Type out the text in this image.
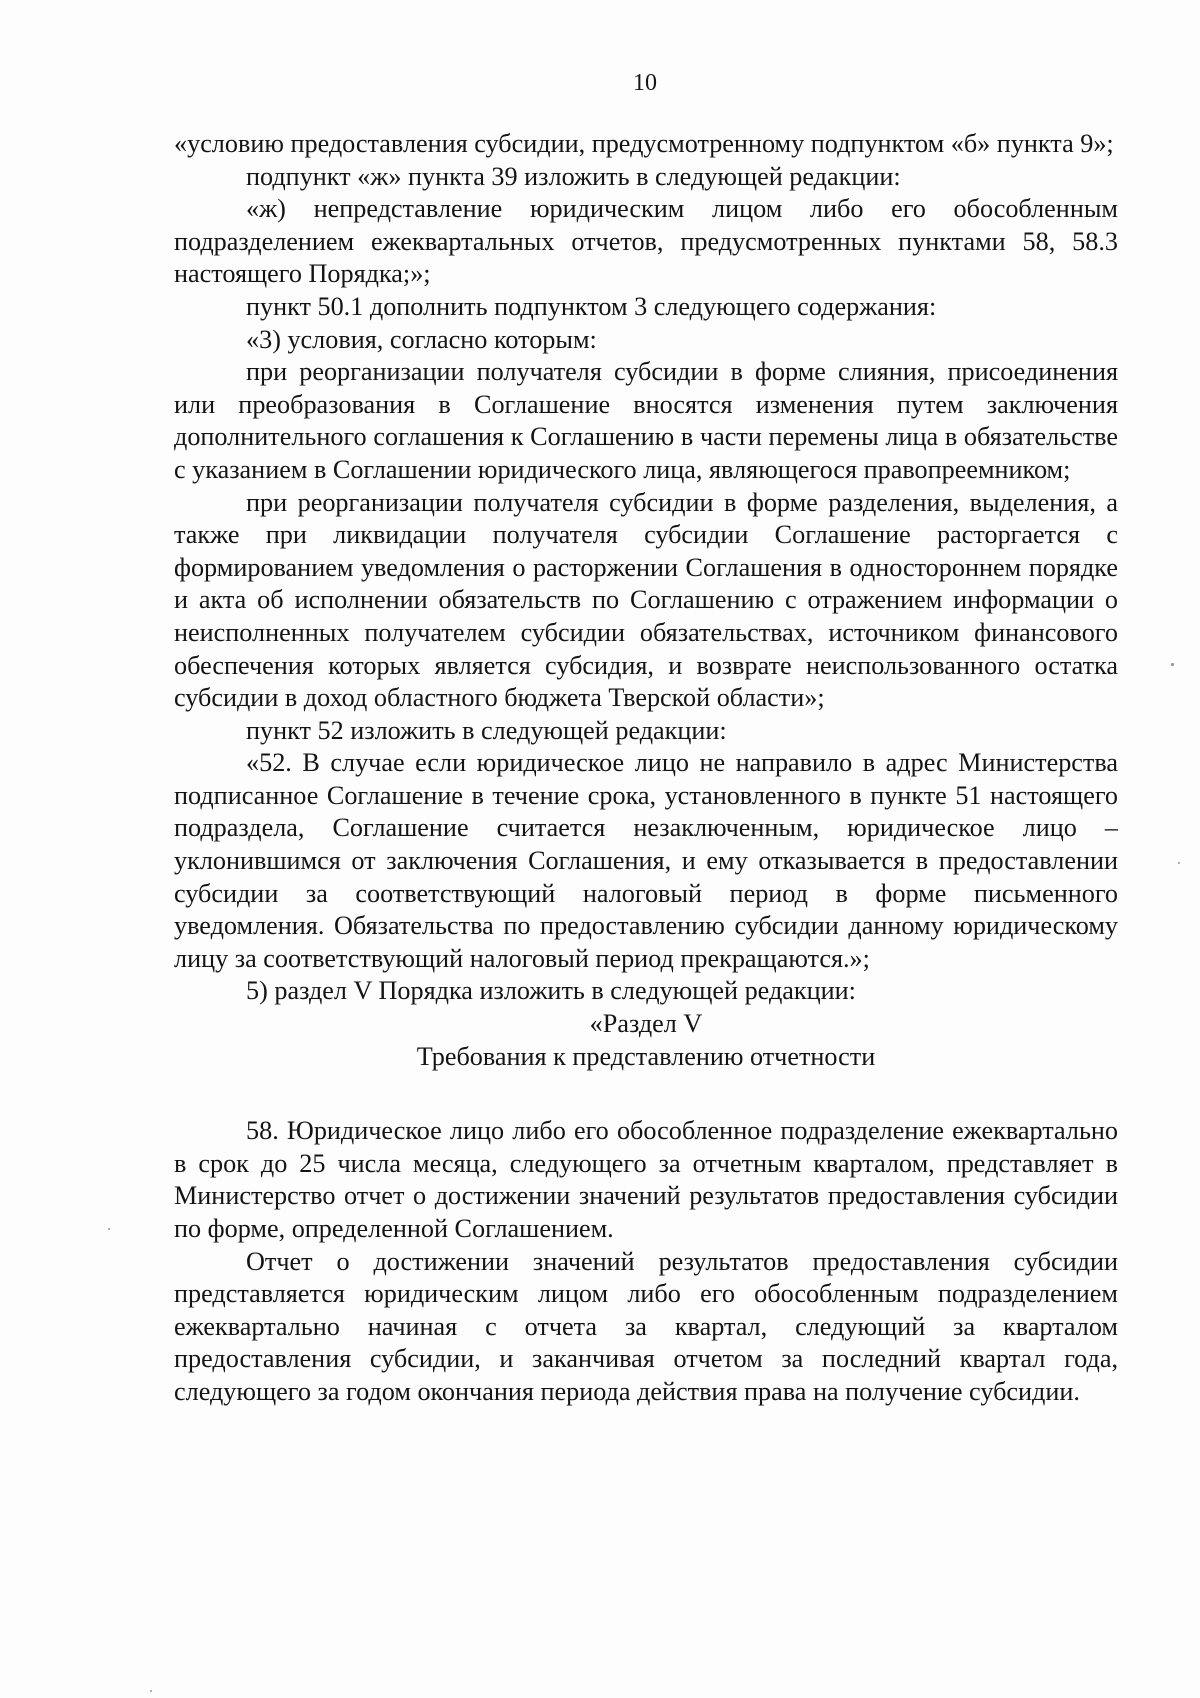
10

«условию предоставления субсидии, предусмотренному подпунктом «б» пункта 9»;

подпункт «ж» пункта 39 изложить в следующей редакции:

«ж) непредставление юридическим лицом либо его обособленным подразделением ежеквартальных отчетов, предусмотренных пунктами 58, 58.3 настоящего Порядка;»;

пункт 50.1 дополнить подпунктом 3 следующего содержания:

«3) условия, согласно которым:

при реорганизации получателя субсидии в форме слияния, присоединения или преобразования в Соглашение вносятся изменения путем заключения дополнительного соглашения к Соглашению в части перемены лица в обязательстве с указанием в Соглашении юридического лица, являющегося правопреемником;

при реорганизации получателя субсидии в форме разделения, выделения, а также при ликвидации получателя субсидии Соглашение расторгается с формированием уведомления о расторжении Соглашения в одностороннем порядке и акта об исполнении обязательств по Соглашению с отражением информации о неисполненных получателем субсидии обязательствах, источником финансового обеспечения которых является субсидия, и возврате неиспользованного остатка субсидии в доход областного бюджета Тверской области»;

пункт 52 изложить в следующей редакции:

«52. В случае если юридическое лицо не направило в адрес Министерства подписанное Соглашение в течение срока, установленного в пункте 51 настоящего подраздела, Соглашение считается незаключенным, юридическое лицо – уклонившимся от заключения Соглашения, и ему отказывается в предоставлении субсидии за соответствующий налоговый период в форме письменного уведомления. Обязательства по предоставлению субсидии данному юридическому лицу за соответствующий налоговый период прекращаются.»;

5) раздел V Порядка изложить в следующей редакции:

«Раздел V

Требования к представлению отчетности

58. Юридическое лицо либо его обособленное подразделение ежеквартально в срок до 25 числа месяца, следующего за отчетным кварталом, представляет в Министерство отчет о достижении значений результатов предоставления субсидии по форме, определенной Соглашением.

Отчет о достижении значений результатов предоставления субсидии представляется юридическим лицом либо его обособленным подразделением ежеквартально начиная с отчета за квартал, следующий за кварталом предоставления субсидии, и заканчивая отчетом за последний квартал года, следующего за годом окончания периода действия права на получение субсидии.
